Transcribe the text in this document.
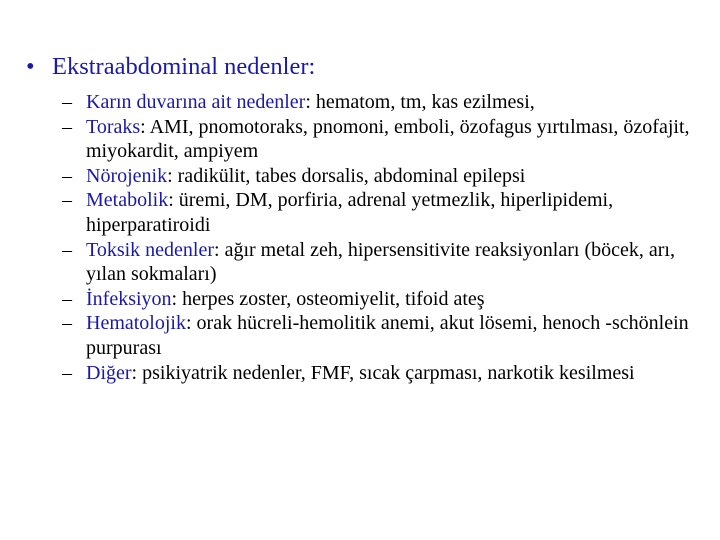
• Ekstraabdominal nedenler:
– Karın duvarına ait nedenler: hematom, tm, kas ezilmesi,
– Toraks: AMI, pnomotoraks, pnomoni, emboli, özofagus yırtılması, özofajit, miyokardit, ampiyem
– Nörojenik: radikülit, tabes dorsalis, abdominal epilepsi
– Metabolik: üremi, DM, porfiria, adrenal yetmezlik, hiperlipidemi, hiperparatiroidi
– Toksik nedenler: ağır metal zeh, hipersensitivite reaksiyonları (böcek, arı, yılan sokmaları)
– İnfeksiyon: herpes zoster, osteomiyelit, tifoid ateş
– Hematolojik: orak hücreli-hemolitik anemi, akut lösemi, henoch -schönlein purpurası
– Diğer: psikiyatrik nedenler, FMF, sıcak çarpması, narkotik kesilmesi
